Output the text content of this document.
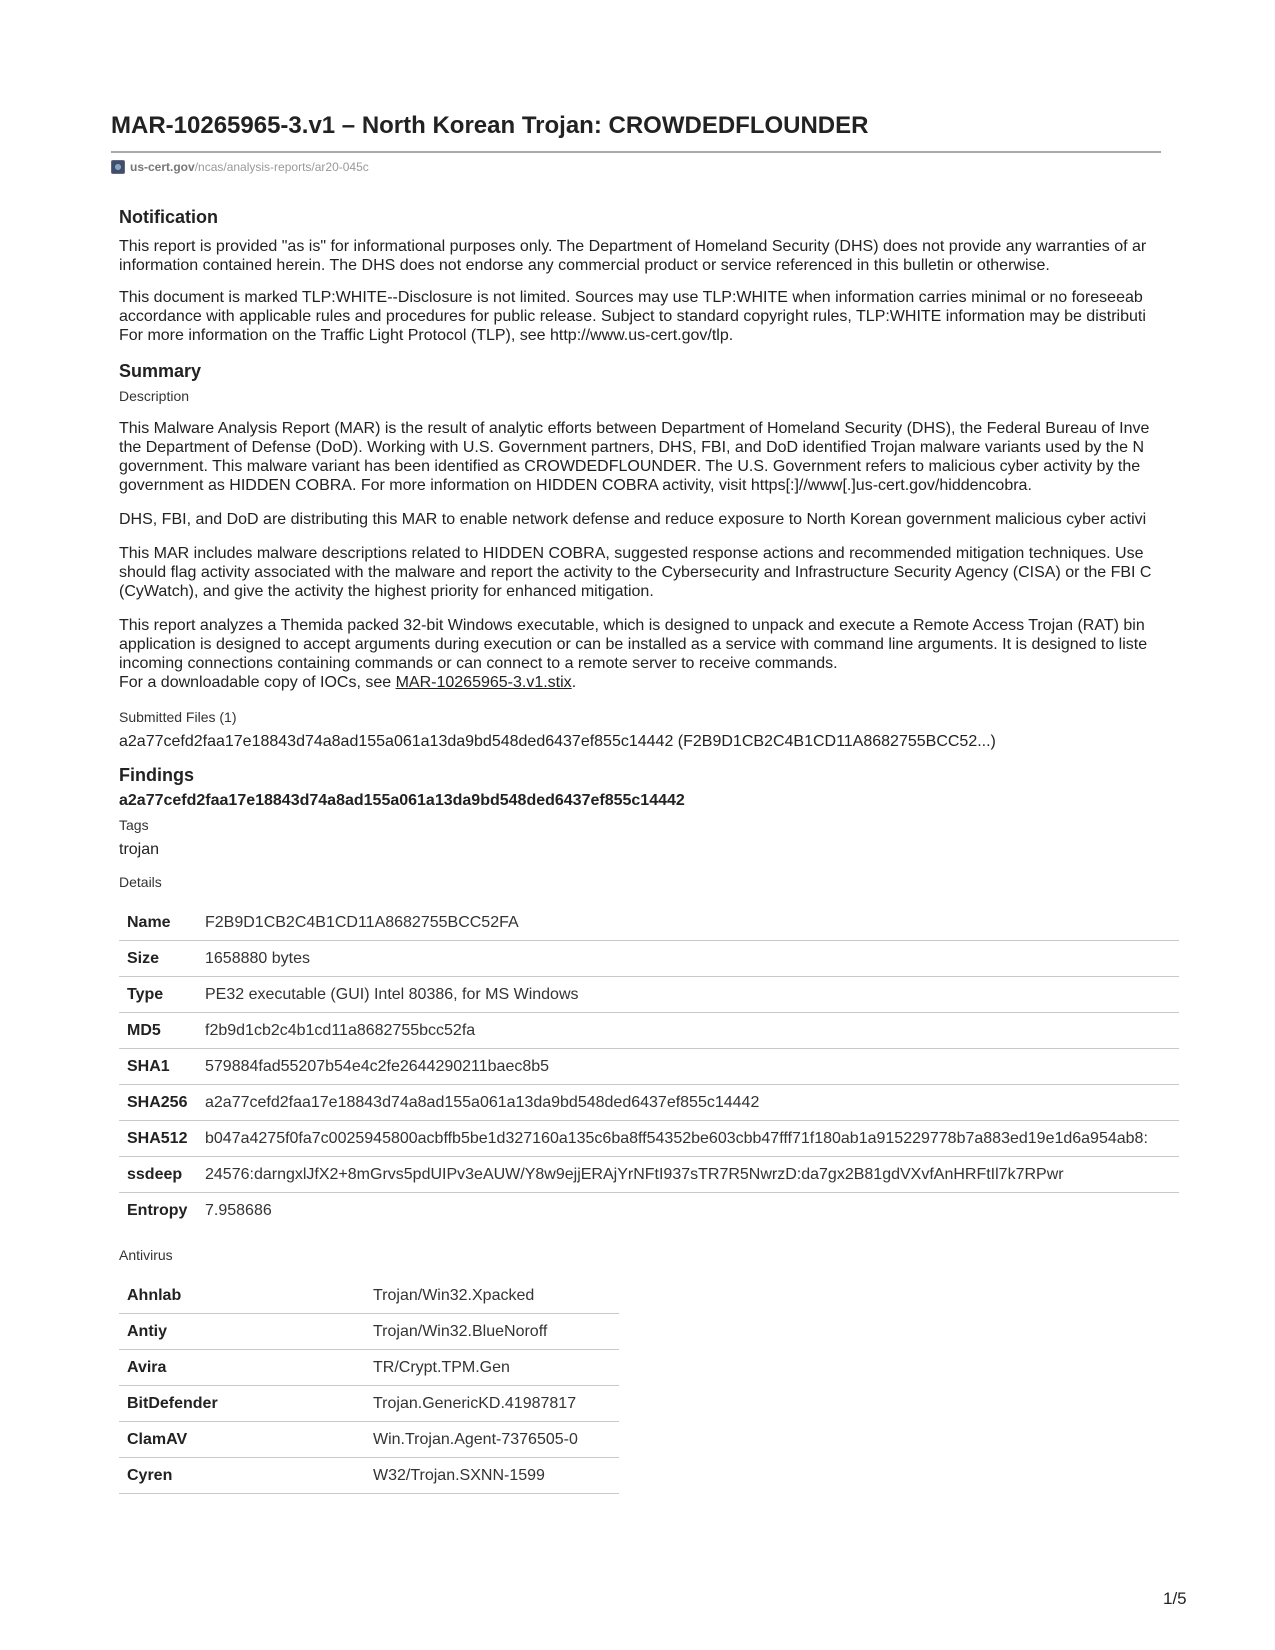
MAR-10265965-3.v1 – North Korean Trojan: CROWDEDFLOUNDER
us-cert.gov /ncas/analysis-reports/ar20-045c
Notification
This report is provided "as is" for informational purposes only. The Department of Homeland Security (DHS) does not provide any warranties of ar
information contained herein. The DHS does not endorse any commercial product or service referenced in this bulletin or otherwise.
This document is marked TLP:WHITE--Disclosure is not limited. Sources may use TLP:WHITE when information carries minimal or no foreseeab
accordance with applicable rules and procedures for public release. Subject to standard copyright rules, TLP:WHITE information may be distributi
For more information on the Traffic Light Protocol (TLP), see http://www.us-cert.gov/tlp.
Summary
Description
This Malware Analysis Report (MAR) is the result of analytic efforts between Department of Homeland Security (DHS), the Federal Bureau of Inve
the Department of Defense (DoD). Working with U.S. Government partners, DHS, FBI, and DoD identified Trojan malware variants used by the N
government. This malware variant has been identified as CROWDEDFLOUNDER. The U.S. Government refers to malicious cyber activity by the
government as HIDDEN COBRA. For more information on HIDDEN COBRA activity, visit https[:]//www[.]us-cert.gov/hiddencobra.
DHS, FBI, and DoD are distributing this MAR to enable network defense and reduce exposure to North Korean government malicious cyber activi
This MAR includes malware descriptions related to HIDDEN COBRA, suggested response actions and recommended mitigation techniques. Use
should flag activity associated with the malware and report the activity to the Cybersecurity and Infrastructure Security Agency (CISA) or the FBI C
(CyWatch), and give the activity the highest priority for enhanced mitigation.
This report analyzes a Themida packed 32-bit Windows executable, which is designed to unpack and execute a Remote Access Trojan (RAT) bin
application is designed to accept arguments during execution or can be installed as a service with command line arguments. It is designed to liste
incoming connections containing commands or can connect to a remote server to receive commands.
For a downloadable copy of IOCs, see MAR-10265965-3.v1.stix.
Submitted Files (1)
a2a77cefd2faa17e18843d74a8ad155a061a13da9bd548ded6437ef855c14442 (F2B9D1CB2C4B1CD11A8682755BCC52...)
Findings
a2a77cefd2faa17e18843d74a8ad155a061a13da9bd548ded6437ef855c14442
Tags
trojan
Details
Name	F2B9D1CB2C4B1CD11A8682755BCC52FA
Size	1658880 bytes
Type	PE32 executable (GUI) Intel 80386, for MS Windows
MD5	f2b9d1cb2c4b1cd11a8682755bcc52fa
SHA1	579884fad55207b54e4c2fe2644290211baec8b5
SHA256	a2a77cefd2faa17e18843d74a8ad155a061a13da9bd548ded6437ef855c14442
SHA512	b047a4275f0fa7c0025945800acbffb5be1d327160a135c6ba8ff54352be603cbb47fff71f180ab1a915229778b7a883ed19e1d6a954ab8:
ssdeep	24576:darngxlJfX2+8mGrvs5pdUIPv3eAUW/Y8w9ejjERAjYrNFtI937sTR7R5NwrzD:da7gx2B81gdVXvfAnHRFtIl7k7RPwr
Entropy	7.958686
Antivirus
Ahnlab	Trojan/Win32.Xpacked
Antiy	Trojan/Win32.BlueNoroff
Avira	TR/Crypt.TPM.Gen
BitDefender	Trojan.GenericKD.41987817
ClamAV	Win.Trojan.Agent-7376505-0
Cyren	W32/Trojan.SXNN-1599
1/5
